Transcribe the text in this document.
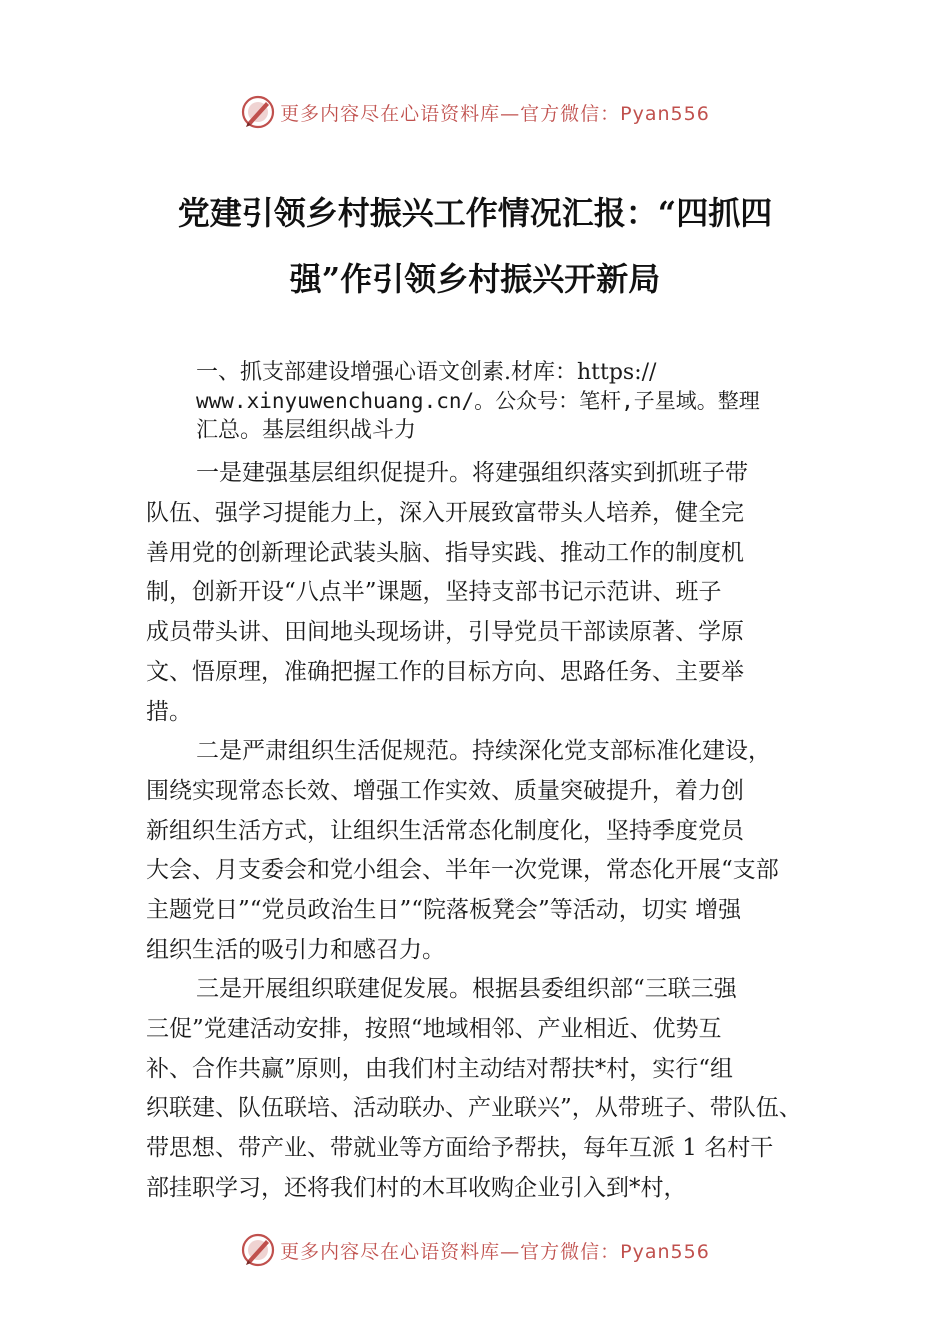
更多内容尽在心语资料库—官方微信：Pyan556
党建引领乡村振兴工作情况汇报：“四抓四
强”作引领乡村振兴开新局
一、抓支部建设增强心语文创素.材库：https://
www.xinyuwenchuang.cn/。公众号：笔杆,子星域。整理
汇总。基层组织战斗力
一是建强基层组织促提升。将建强组织落实到抓班子带
队伍、强学习提能力上，深入开展致富带头人培养，健全完
善用党的创新理论武装头脑、指导实践、推动工作的制度机
制，创新开设“八点半”课题，坚持支部书记示范讲、班子
成员带头讲、田间地头现场讲，引导党员干部读原著、学原
文、悟原理，准确把握工作的目标方向、思路任务、主要举
措。
二是严肃组织生活促规范。持续深化党支部标准化建设，
围绕实现常态长效、增强工作实效、质量突破提升，着力创
新组织生活方式，让组织生活常态化制度化，坚持季度党员
大会、月支委会和党小组会、半年一次党课，常态化开展“支部
主题党日”“党员政治生日”“院落板凳会”等活动，切实 增强
组织生活的吸引力和感召力。
三是开展组织联建促发展。根据县委组织部“三联三强
三促”党建活动安排，按照“地域相邻、产业相近、优势互
补、合作共赢”原则，由我们村主动结对帮扶*村，实行“组
织联建、队伍联培、活动联办、产业联兴”，从带班子、带队伍、
带思想、带产业、带就业等方面给予帮扶，每年互派 1 名村干
部挂职学习，还将我们村的木耳收购企业引入到*村，
更多内容尽在心语资料库—官方微信：Pyan556
